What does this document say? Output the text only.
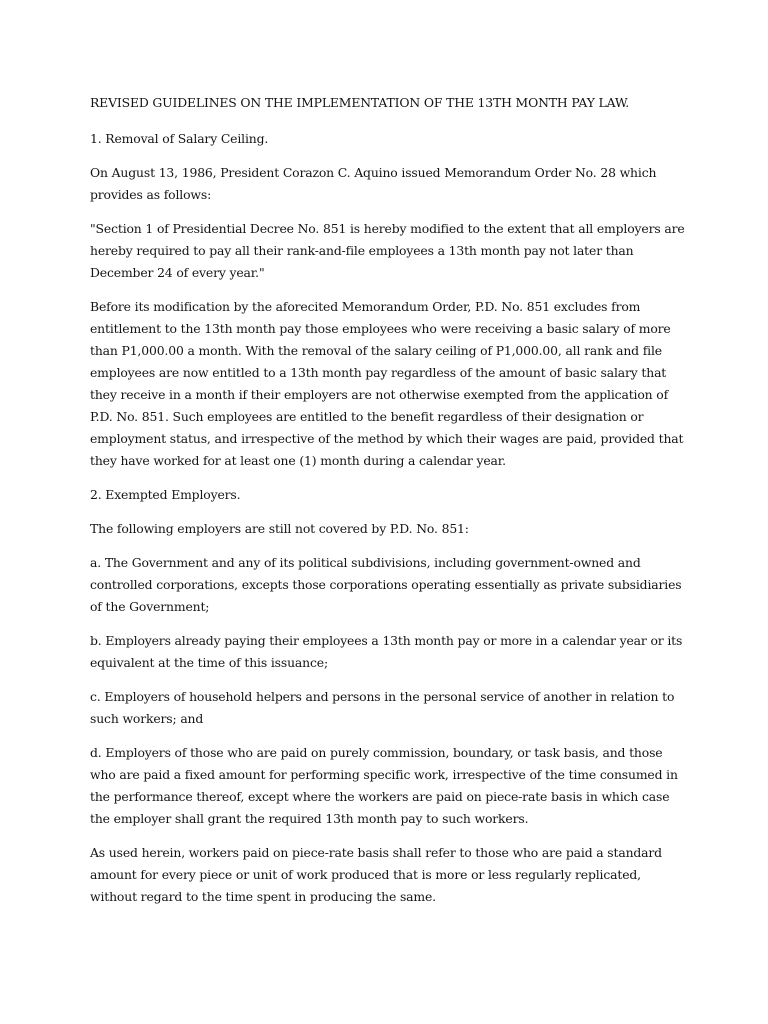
REVISED GUIDELINES ON THE IMPLEMENTATION OF THE 13TH MONTH PAY LAW.

1. Removal of Salary Ceiling.

On August 13, 1986, President Corazon C. Aquino issued Memorandum Order No. 28 which provides as follows:

"Section 1 of Presidential Decree No. 851 is hereby modified to the extent that all employers are hereby required to pay all their rank-and-file employees a 13th month pay not later than December 24 of every year."

Before its modification by the aforecited Memorandum Order, P.D. No. 851 excludes from entitlement to the 13th month pay those employees who were receiving a basic salary of more than P1,000.00 a month. With the removal of the salary ceiling of P1,000.00, all rank and file employees are now entitled to a 13th month pay regardless of the amount of basic salary that they receive in a month if their employers are not otherwise exempted from the application of P.D. No. 851. Such employees are entitled to the benefit regardless of their designation or employment status, and irrespective of the method by which their wages are paid, provided that they have worked for at least one (1) month during a calendar year.

2. Exempted Employers.

The following employers are still not covered by P.D. No. 851:

a. The Government and any of its political subdivisions, including government-owned and controlled corporations, excepts those corporations operating essentially as private subsidiaries of the Government;

b. Employers already paying their employees a 13th month pay or more in a calendar year or its equivalent at the time of this issuance;

c. Employers of household helpers and persons in the personal service of another in relation to such workers; and

d. Employers of those who are paid on purely commission, boundary, or task basis, and those who are paid a fixed amount for performing specific work, irrespective of the time consumed in the performance thereof, except where the workers are paid on piece-rate basis in which case the employer shall grant the required 13th month pay to such workers.

As used herein, workers paid on piece-rate basis shall refer to those who are paid a standard amount for every piece or unit of work produced that is more or less regularly replicated, without regard to the time spent in producing the same.
